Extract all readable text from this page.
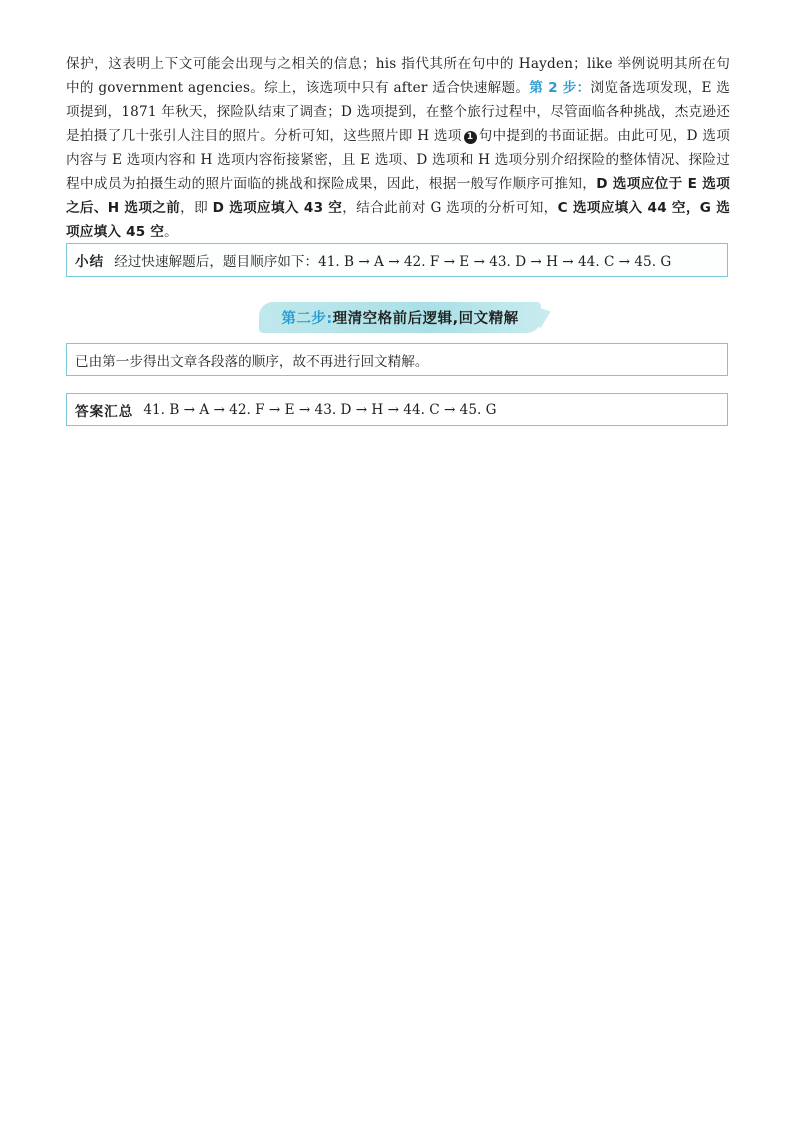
保护，这表明上下文可能会出现与之相关的信息；his 指代其所在句中的 Hayden；like 举例说明其所在句中的 government agencies。综上，该选项中只有 after 适合快速解题。第 2 步：浏览备选项发现，E 选项提到，1871 年秋天，探险队结束了调查；D 选项提到，在整个旅行过程中，尽管面临各种挑战，杰克逊还是拍摄了几十张引人注目的照片。分析可知，这些照片即 H 选项 1 句中提到的书面证据。由此可见，D 选项内容与 E 选项内容和 H 选项内容衔接紧密，且 E 选项、D 选项和 H 选项分别介绍探险的整体情况、探险过程中成员为拍摄生动的照片面临的挑战和探险成果，因此，根据一般写作顺序可推知，D 选项应位于 E 选项之后、H 选项之前，即 D 选项应填入 43 空，结合此前对 G 选项的分析可知，C 选项应填入 44 空，G 选项应填入 45 空。

小结 经过快速解题后，题目顺序如下：41. B → A → 42. F → E → 43. D → H → 44. C → 45. G
第二步:理清空格前后逻辑,回文精解
已由第一步得出文章各段落的顺序，故不再进行回文精解。
答案汇总 41. B → A → 42. F → E → 43. D → H → 44. C → 45. G
